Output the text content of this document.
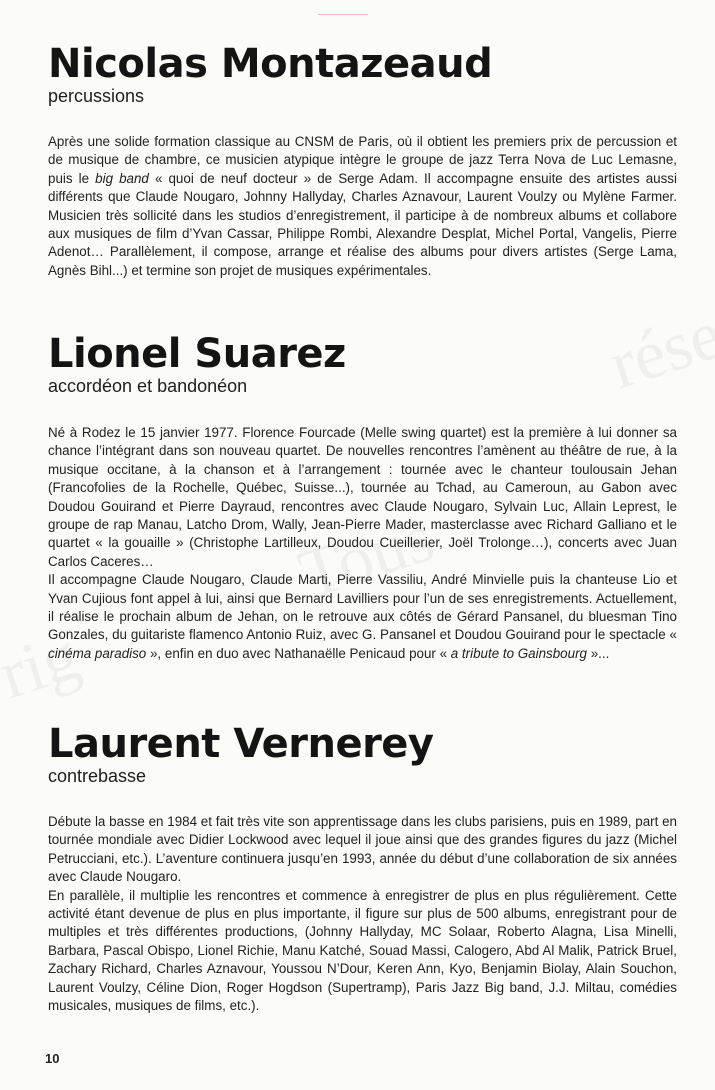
Nicolas Montazeaud
percussions

Après une solide formation classique au CNSM de Paris, où il obtient les premiers prix de percussion et de musique de chambre, ce musicien atypique intègre le groupe de jazz Terra Nova de Luc Lemasne, puis le big band « quoi de neuf docteur » de Serge Adam. Il accompagne ensuite des artistes aussi différents que Claude Nougaro, Johnny Hallyday, Charles Aznavour, Laurent Voulzy ou Mylène Farmer. Musicien très sollicité dans les studios d’enregistrement, il participe à de nombreux albums et collabore aux musiques de film d’Yvan Cassar, Philippe Rombi, Alexandre Desplat, Michel Portal, Vangelis, Pierre Adenot… Parallèlement, il compose, arrange et réalise des albums pour divers artistes (Serge Lama, Agnès Bihl...) et termine son projet de musiques expérimentales.

Lionel Suarez
accordéon et bandonéon

Né à Rodez le 15 janvier 1977. Florence Fourcade (Melle swing quartet) est la première à lui donner sa chance l’intégrant dans son nouveau quartet. De nouvelles rencontres l’amènent au théâtre de rue, à la musique occitane, à la chanson et à l’arrangement : tournée avec le chanteur toulousain Jehan (Francofolies de la Rochelle, Québec, Suisse...), tournée au Tchad, au Cameroun, au Gabon avec Doudou Gouirand et Pierre Dayraud, rencontres avec Claude Nougaro, Sylvain Luc, Allain Leprest, le groupe de rap Manau, Latcho Drom, Wally, Jean-Pierre Mader, masterclasse avec Richard Galliano et le quartet « la gouaille » (Christophe Lartilleux, Doudou Cueillerier, Joël Trolonge…), concerts avec Juan Carlos Caceres…

Il accompagne Claude Nougaro, Claude Marti, Pierre Vassiliu, André Minvielle puis la chanteuse Lio et Yvan Cujious font appel à lui, ainsi que Bernard Lavilliers pour l’un de ses enregistrements. Actuellement, il réalise le prochain album de Jehan, on le retrouve aux côtés de Gérard Pansanel, du bluesman Tino Gonzales, du guitariste flamenco Antonio Ruiz, avec G. Pansanel et Doudou Gouirand pour le spectacle « cinéma paradiso », enfin en duo avec Nathanaëlle Penicaud pour « a tribute to Gainsbourg »...

Laurent Vernerey
contrebasse

Débute la basse en 1984 et fait très vite son apprentissage dans les clubs parisiens, puis en 1989, part en tournée mondiale avec Didier Lockwood avec lequel il joue ainsi que des grandes figures du jazz (Michel Petrucciani, etc.). L’aventure continuera jusqu’en 1993, année du début d’une collaboration de six années avec Claude Nougaro.

En parallèle, il multiplie les rencontres et commence à enregistrer de plus en plus régulièrement. Cette activité étant devenue de plus en plus importante, il figure sur plus de 500 albums, enregistrant pour de multiples et très différentes productions, (Johnny Hallyday, MC Solaar, Roberto Alagna, Lisa Minelli, Barbara, Pascal Obispo, Lionel Richie, Manu Katché, Souad Massi, Calogero, Abd Al Malik, Patrick Bruel, Zachary Richard, Charles Aznavour, Youssou N’Dour, Keren Ann, Kyo, Benjamin Biolay, Alain Souchon, Laurent Voulzy, Céline Dion, Roger Hogdson (Supertramp), Paris Jazz Big band, J.J. Miltau, comédies musicales, musiques de films, etc.).

10
